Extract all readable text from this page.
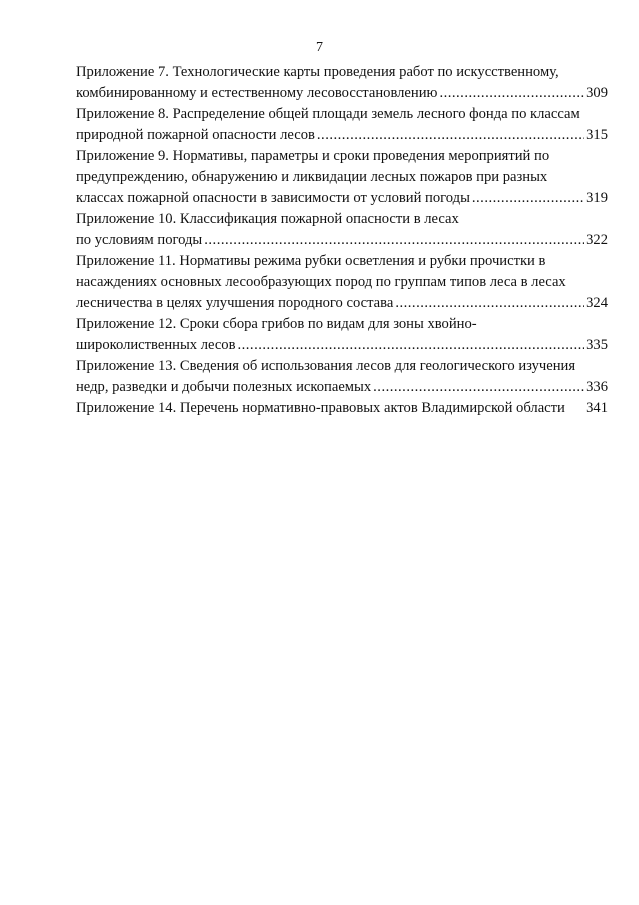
7
Приложение 7. Технологические карты проведения работ по искусственному,
комбинированному и естественному лесовосстановлению .....	309
Приложение 8. Распределение общей площади земель лесного фонда по классам
природной пожарной опасности лесов .....	315
Приложение 9. Нормативы, параметры и сроки проведения мероприятий по
предупреждению, обнаружению и ликвидации лесных пожаров при разных
классах пожарной опасности в зависимости от условий погоды .....	319
Приложение 10. Классификация пожарной опасности в лесах
по условиям погоды .....	322
Приложение 11. Нормативы режима рубки осветления и рубки прочистки в
насаждениях основных лесообразующих пород по группам типов леса в лесах
лесничества в целях улучшения породного состава .....	324
Приложение 12. Сроки сбора грибов по видам для зоны хвойно-
широколиственных лесов .....	335
Приложение 13. Сведения об использования лесов для геологического изучения
недр, разведки и добычи полезных ископаемых .....	336
Приложение 14. Перечень нормативно-правовых актов Владимирской области 341
